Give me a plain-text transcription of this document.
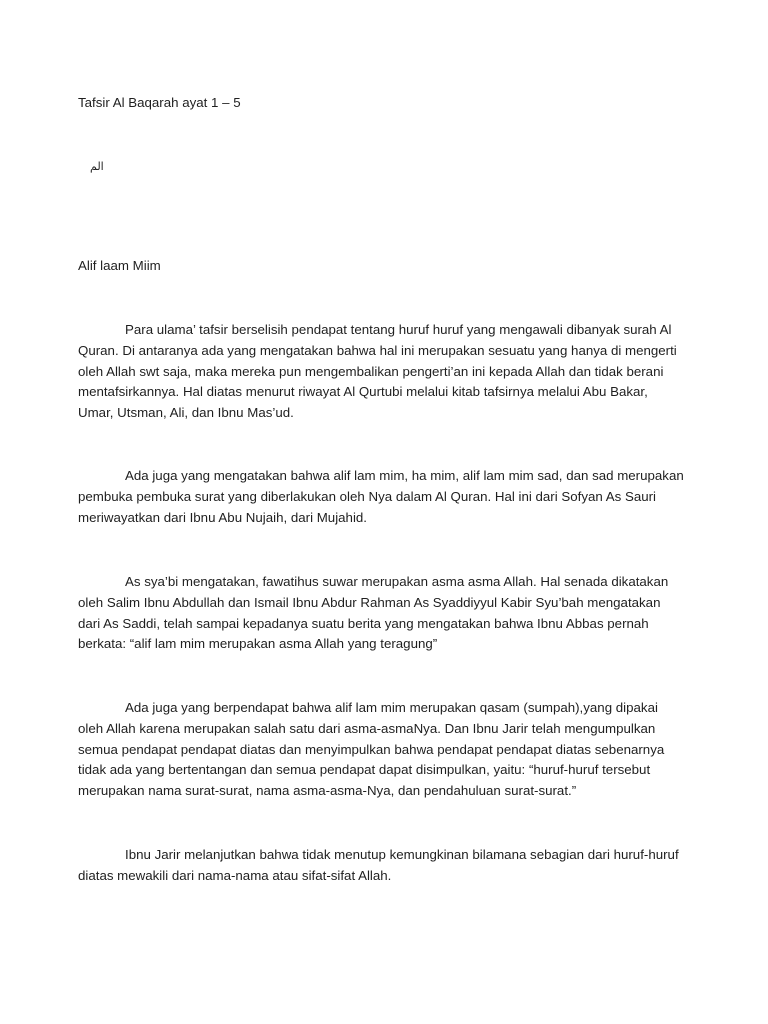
Tafsir Al Baqarah ayat 1 – 5

الم

Alif laam Miim

Para ulama’ tafsir berselisih pendapat tentang huruf huruf yang mengawali dibanyak surah Al Quran. Di antaranya ada yang mengatakan bahwa hal ini merupakan sesuatu yang hanya di mengerti oleh Allah swt saja, maka mereka pun mengembalikan pengerti’an ini kepada Allah dan tidak berani mentafsirkannya. Hal diatas menurut riwayat Al Qurtubi melalui kitab tafsirnya melalui Abu Bakar, Umar, Utsman, Ali, dan Ibnu Mas’ud.

Ada juga yang mengatakan bahwa alif lam mim, ha mim, alif lam mim sad, dan sad merupakan pembuka pembuka surat yang diberlakukan oleh Nya dalam Al Quran. Hal ini dari Sofyan As Sauri meriwayatkan dari Ibnu Abu Nujaih, dari Mujahid.

As sya’bi mengatakan, fawatihus suwar merupakan asma asma Allah. Hal senada dikatakan oleh Salim Ibnu Abdullah dan Ismail Ibnu Abdur Rahman As Syaddiyyul Kabir Syu’bah mengatakan dari As Saddi, telah sampai kepadanya suatu berita yang mengatakan bahwa Ibnu Abbas pernah berkata: “alif lam mim merupakan asma Allah yang teragung”

Ada juga yang berpendapat bahwa alif lam mim merupakan qasam (sumpah),yang dipakai oleh Allah karena merupakan salah satu dari asma-asmaNya. Dan Ibnu Jarir telah mengumpulkan semua pendapat pendapat diatas dan menyimpulkan bahwa pendapat pendapat diatas sebenarnya tidak ada yang bertentangan dan semua pendapat dapat disimpulkan, yaitu: “huruf-huruf tersebut merupakan nama surat-surat, nama asma-asma-Nya, dan pendahuluan surat-surat.”

Ibnu Jarir melanjutkan bahwa tidak menutup kemungkinan bilamana sebagian dari huruf-huruf diatas mewakili dari nama-nama atau sifat-sifat Allah.
